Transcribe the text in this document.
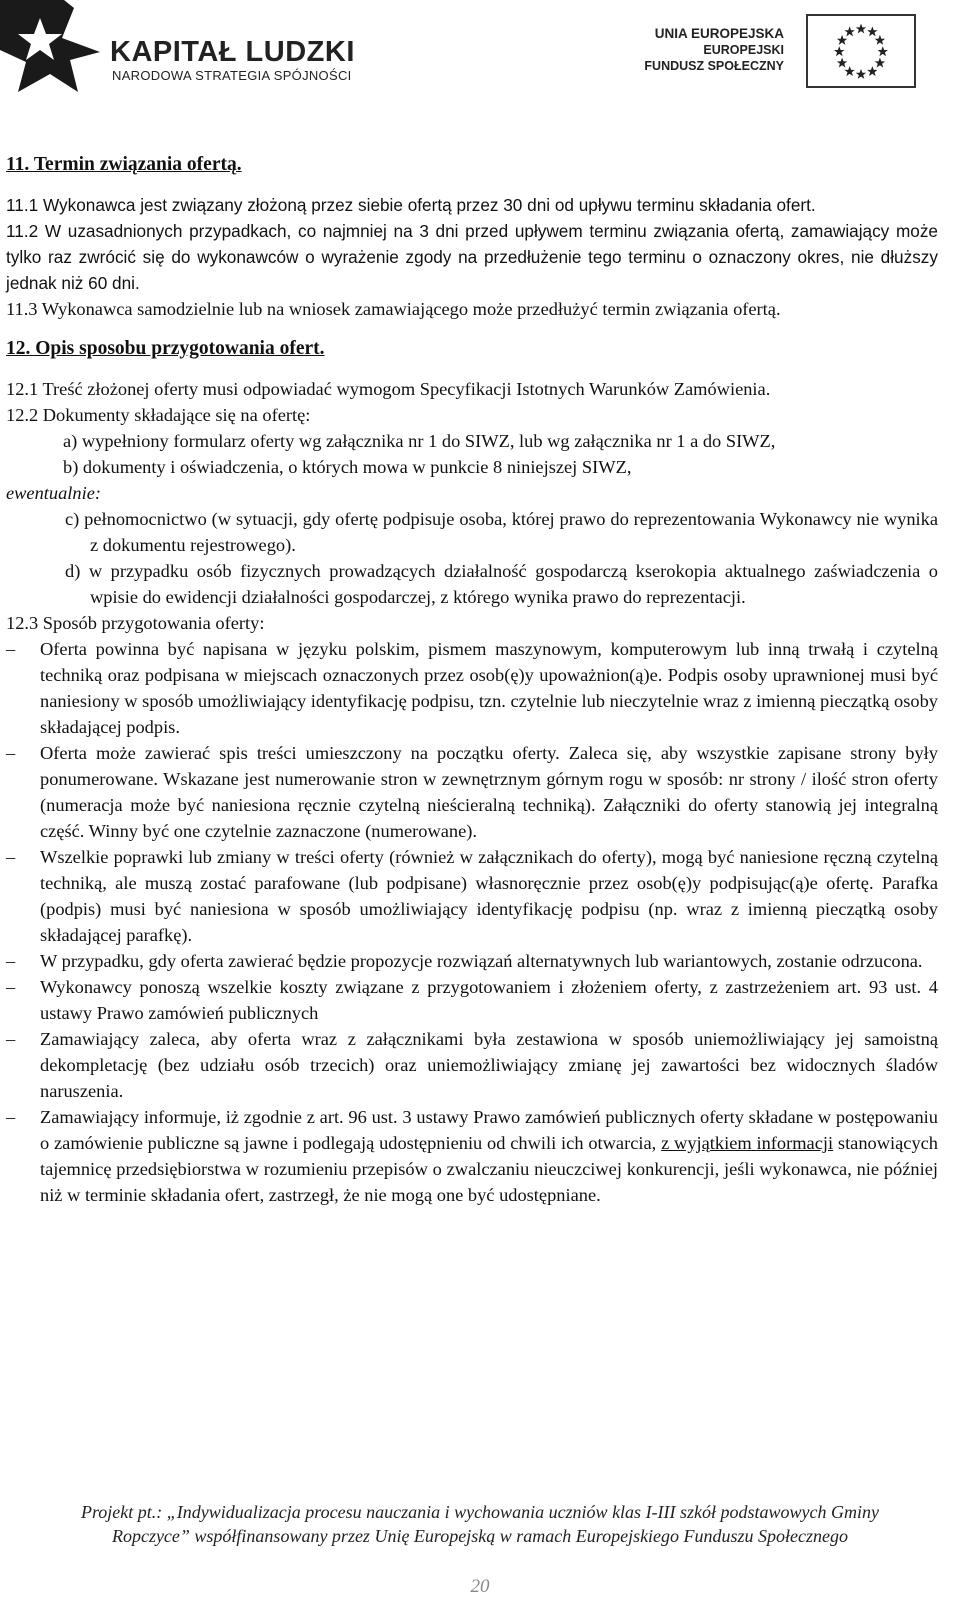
KAPITAŁ LUDZKI
NARODOWA STRATEGIA SPÓJNOŚCI
UNIA EUROPEJSKA
EUROPEJSKI
FUNDUSZ SPOŁECZNY

11. Termin związania ofertą.

11.1 Wykonawca jest związany złożoną przez siebie ofertą przez 30 dni od upływu terminu składania ofert.

11.2 W uzasadnionych przypadkach, co najmniej na 3 dni przed upływem terminu związania ofertą, zamawiający może tylko raz zwrócić się do wykonawców o wyrażenie zgody na przedłużenie tego terminu o oznaczony okres, nie dłuższy jednak niż 60 dni.

11.3 Wykonawca samodzielnie lub na wniosek zamawiającego może przedłużyć termin związania ofertą.

12. Opis sposobu przygotowania ofert.

12.1 Treść złożonej oferty musi odpowiadać wymogom Specyfikacji Istotnych Warunków Zamówienia.

12.2 Dokumenty składające się na ofertę:

a) wypełniony formularz oferty wg załącznika nr 1 do SIWZ, lub wg załącznika nr 1 a do SIWZ,

b) dokumenty i oświadczenia, o których mowa w punkcie 8 niniejszej SIWZ,

ewentualnie:

c) pełnomocnictwo (w sytuacji, gdy ofertę podpisuje osoba, której prawo do reprezentowania Wykonawcy nie wynika z dokumentu rejestrowego).

d) w przypadku osób fizycznych prowadzących działalność gospodarczą kserokopia aktualnego zaświadczenia o wpisie do ewidencji działalności gospodarczej, z którego wynika prawo do reprezentacji.

12.3 Sposób przygotowania oferty:

– Oferta powinna być napisana w języku polskim, pismem maszynowym, komputerowym lub inną trwałą i czytelną techniką oraz podpisana w miejscach oznaczonych przez osob(ę)y upoważnion(ą)e. Podpis osoby uprawnionej musi być naniesiony w sposób umożliwiający identyfikację podpisu, tzn. czytelnie lub nieczytelnie wraz z imienną pieczątką osoby składającej podpis.

– Oferta może zawierać spis treści umieszczony na początku oferty. Zaleca się, aby wszystkie zapisane strony były ponumerowane. Wskazane jest numerowanie stron w zewnętrznym górnym rogu w sposób: nr strony / ilość stron oferty (numeracja może być naniesiona ręcznie czytelną nieścieralną techniką). Załączniki do oferty stanowią jej integralną część. Winny być one czytelnie zaznaczone (numerowane).

– Wszelkie poprawki lub zmiany w treści oferty (również w załącznikach do oferty), mogą być naniesione ręczną czytelną techniką, ale muszą zostać parafowane (lub podpisane) własnoręcznie przez osob(ę)y podpisując(ą)e ofertę. Parafka (podpis) musi być naniesiona w sposób umożliwiający identyfikację podpisu (np. wraz z imienną pieczątką osoby składającej parafkę).

– W przypadku, gdy oferta zawierać będzie propozycje rozwiązań alternatywnych lub wariantowych, zostanie odrzucona.

– Wykonawcy ponoszą wszelkie koszty związane z przygotowaniem i złożeniem oferty, z zastrzeżeniem art. 93 ust. 4 ustawy Prawo zamówień publicznych

– Zamawiający zaleca, aby oferta wraz z załącznikami była zestawiona w sposób uniemożliwiający jej samoistną dekompletację (bez udziału osób trzecich) oraz uniemożliwiający zmianę jej zawartości bez widocznych śladów naruszenia.

– Zamawiający informuje, iż zgodnie z art. 96 ust. 3 ustawy Prawo zamówień publicznych oferty składane w postępowaniu o zamówienie publiczne są jawne i podlegają udostępnieniu od chwili ich otwarcia, z wyjątkiem informacji stanowiących tajemnicę przedsiębiorstwa w rozumieniu przepisów o zwalczaniu nieuczciwej konkurencji, jeśli wykonawca, nie później niż w terminie składania ofert, zastrzegł, że nie mogą one być udostępniane.

Projekt pt.: „Indywidualizacja procesu nauczania i wychowania uczniów klas I-III szkół podstawowych Gminy
Ropczyce” współfinansowany przez Unię Europejską w ramach Europejskiego Funduszu Społecznego
20
